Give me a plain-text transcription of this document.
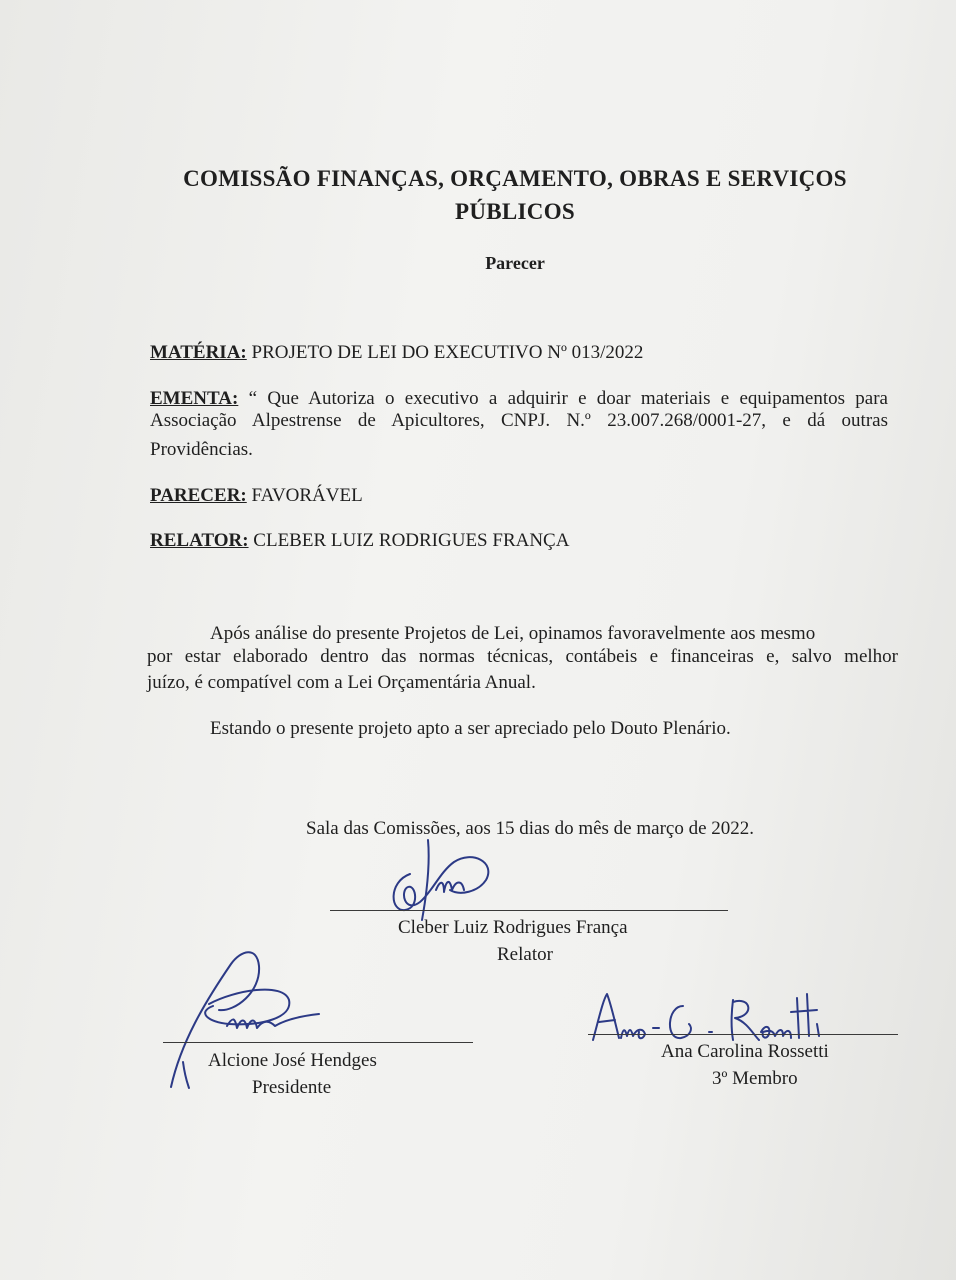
COMISSÃO FINANÇAS, ORÇAMENTO, OBRAS E SERVIÇOS
PÚBLICOS
Parecer
MATÉRIA: PROJETO DE LEI DO EXECUTIVO Nº 013/2022
EMENTA: “ Que Autoriza o executivo a adquirir e doar materiais e equipamentos para
Associação Alpestrense de Apicultores, CNPJ. N.º 23.007.268/0001-27, e dá outras
Providências.
PARECER: FAVORÁVEL
RELATOR: CLEBER LUIZ RODRIGUES FRANÇA
Após análise do presente Projetos de Lei, opinamos favoravelmente aos mesmo
por estar elaborado dentro das normas técnicas, contábeis e financeiras e, salvo melhor
juízo, é compatível com a Lei Orçamentária Anual.
Estando o presente projeto apto a ser apreciado pelo Douto Plenário.
Sala das Comissões, aos 15 dias do mês de março de 2022.
Cleber Luiz Rodrigues França
Relator
Alcione José Hendges
Presidente
Ana Carolina Rossetti
3º Membro
